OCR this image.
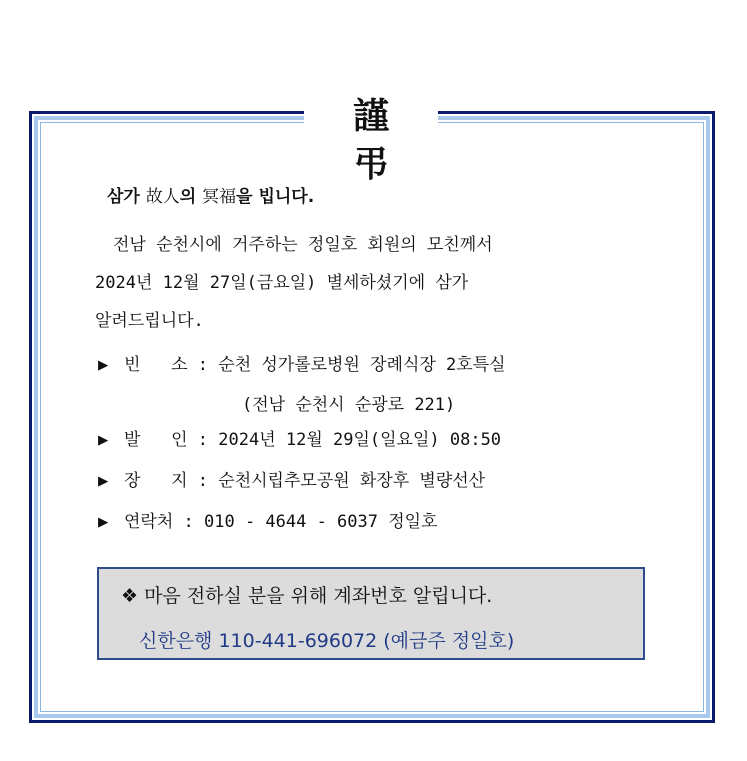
謹 弔
삼가 故人의 冥福을 빕니다.
전남 순천시에 거주하는 정일호 회원의 모친께서
2024년 12월 27일(금요일) 별세하셨기에 삼가
알려드립니다.
▶ 빈   소 : 순천 성가롤로병원 장례식장 2호특실
(전남 순천시 순광로 221)
▶ 발   인 : 2024년 12월 29일(일요일) 08:50
▶ 장   지 : 순천시립추모공원 화장후 별량선산
▶ 연락처 : 010 - 4644 - 6037 정일호
❖ 마음 전하실 분을 위해 계좌번호 알립니다.
신한은행 110-441-696072 (예금주 정일호)
